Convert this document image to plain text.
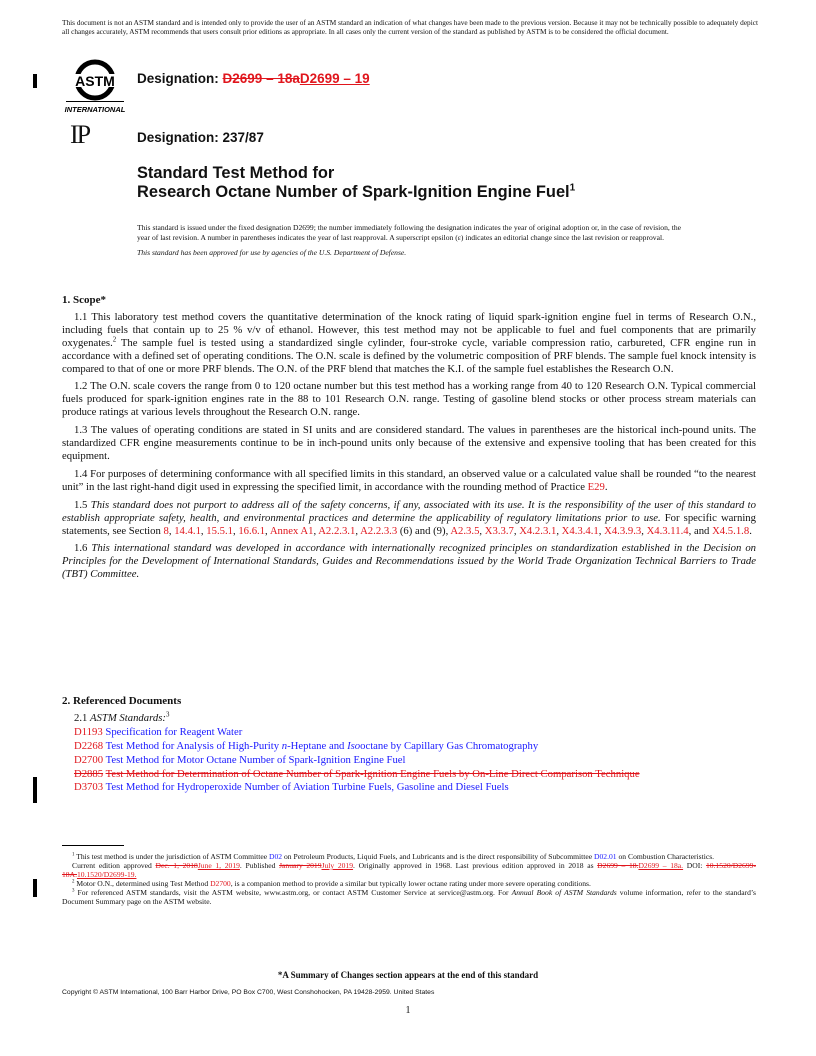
This document is not an ASTM standard and is intended only to provide the user of an ASTM standard an indication of what changes have been made to the previous version. Because it may not be technically possible to adequately depict all changes accurately, ASTM recommends that users consult prior editions as appropriate. In all cases only the current version of the standard as published by ASTM is to be considered the official document.
ASTM
INTERNATIONAL
Designation: D2699 – 18aD2699 – 19
IP	Designation: 237/87
Standard Test Method for
Research Octane Number of Spark-Ignition Engine Fuel$^1$

This standard is issued under the fixed designation D2699; the number immediately following the designation indicates the year of original adoption or, in the case of revision, the year of last revision. A number in parentheses indicates the year of last reapproval. A superscript epsilon (ε) indicates an editorial change since the last revision or reapproval.

This standard has been approved for use by agencies of the U.S. Department of Defense.

1. Scope*

1.1 This laboratory test method covers the quantitative determination of the knock rating of liquid spark-ignition engine fuel in terms of Research O.N., including fuels that contain up to 25 % v/v of ethanol. However, this test method may not be applicable to fuel and fuel components that are primarily oxygenates.$^2$ The sample fuel is tested using a standardized single cylinder, four-stroke cycle, variable compression ratio, carbureted, CFR engine run in accordance with a defined set of operating conditions. The O.N. scale is defined by the volumetric composition of PRF blends. The sample fuel knock intensity is compared to that of one or more PRF blends. The O.N. of the PRF blend that matches the K.I. of the sample fuel establishes the Research O.N.

1.2 The O.N. scale covers the range from 0 to 120 octane number but this test method has a working range from 40 to 120 Research O.N. Typical commercial fuels produced for spark-ignition engines rate in the 88 to 101 Research O.N. range. Testing of gasoline blend stocks or other process stream materials can produce ratings at various levels throughout the Research O.N. range.

1.3 The values of operating conditions are stated in SI units and are considered standard. The values in parentheses are the historical inch-pound units. The standardized CFR engine measurements continue to be in inch-pound units only because of the extensive and expensive tooling that has been created for this equipment.

1.4 For purposes of determining conformance with all specified limits in this standard, an observed value or a calculated value shall be rounded “to the nearest unit” in the last right-hand digit used in expressing the specified limit, in accordance with the rounding method of Practice E29.

1.5 This standard does not purport to address all of the safety concerns, if any, associated with its use. It is the responsibility of the user of this standard to establish appropriate safety, health, and environmental practices and determine the applicability of regulatory limitations prior to use. For specific warning statements, see Section 8, 14.4.1, 15.5.1, 16.6.1, Annex A1, A2.2.3.1, A2.2.3.3 (6) and (9), A2.3.5, X3.3.7, X4.2.3.1, X4.3.4.1, X4.3.9.3, X4.3.11.4, and X4.5.1.8.

1.6 This international standard was developed in accordance with internationally recognized principles on standardization established in the Decision on Principles for the Development of International Standards, Guides and Recommendations issued by the World Trade Organization Technical Barriers to Trade (TBT) Committee.

2. Referenced Documents
2.1 ASTM Standards:$^3$
D1193 Specification for Reagent Water
D2268 Test Method for Analysis of High-Purity n-Heptane and Isooctane by Capillary Gas Chromatography
D2700 Test Method for Motor Octane Number of Spark-Ignition Engine Fuel
D2885 Test Method for Determination of Octane Number of Spark-Ignition Engine Fuels by On-Line Direct Comparison Technique
D3703 Test Method for Hydroperoxide Number of Aviation Turbine Fuels, Gasoline and Diesel Fuels

$^1$ This test method is under the jurisdiction of ASTM Committee D02 on Petroleum Products, Liquid Fuels, and Lubricants and is the direct responsibility of Subcommittee D02.01 on Combustion Characteristics.

Current edition approved Dec. 1, 2018June 1, 2019. Published January 2019July 2019. Originally approved in 1968. Last previous edition approved in 2018 as D2699 – 18.D2699 – 18a. DOI: 10.1520/D2699-18A.10.1520/D2699-19.

$^2$ Motor O.N., determined using Test Method D2700, is a companion method to provide a similar but typically lower octane rating under more severe operating conditions.

$^3$ For referenced ASTM standards, visit the ASTM website, www.astm.org, or contact ASTM Customer Service at service@astm.org. For Annual Book of ASTM Standards volume information, refer to the standard’s Document Summary page on the ASTM website.

*A Summary of Changes section appears at the end of this standard
Copyright © ASTM International, 100 Barr Harbor Drive, PO Box C700, West Conshohocken, PA 19428-2959. United States
1
